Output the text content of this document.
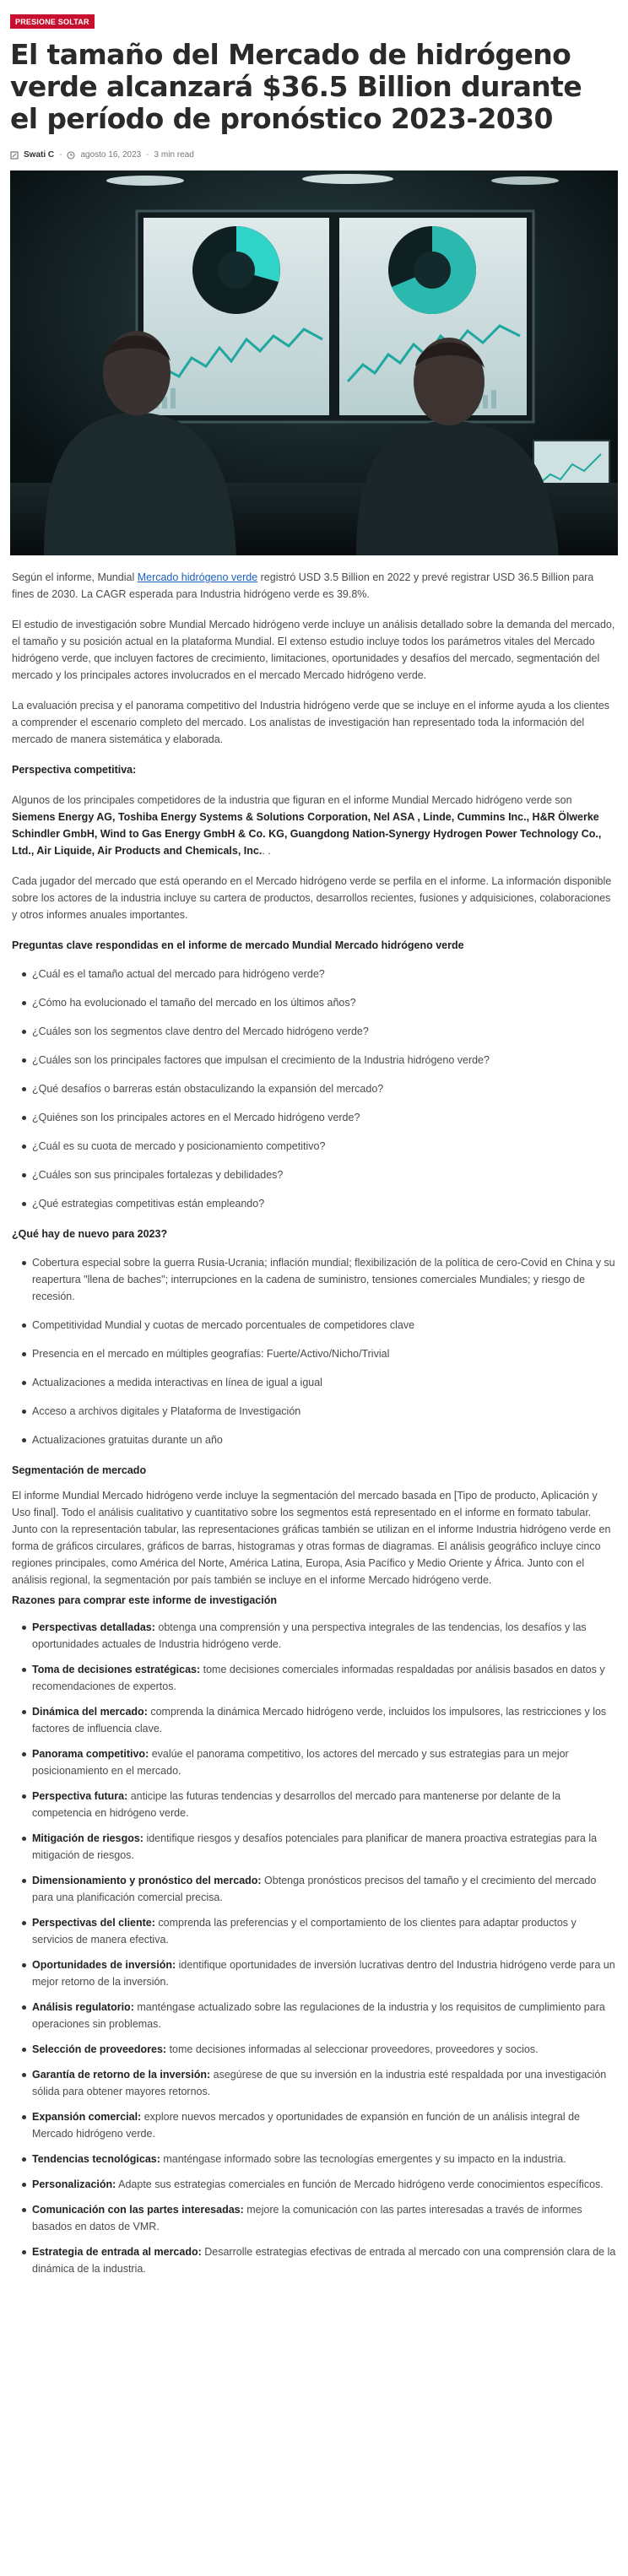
PRESIONE SOLTAR
El tamaño del Mercado de hidrógeno verde alcanzará $36.5 Billion durante el período de pronóstico 2023-2030
Swati C - agosto 16, 2023 - 3 min read

Según el informe, Mundial Mercado hidrógeno verde registró USD 3.5 Billion en 2022 y prevé registrar USD 36.5 Billion para fines de 2030. La CAGR esperada para Industria hidrógeno verde es 39.8%.

El estudio de investigación sobre Mundial Mercado hidrógeno verde incluye un análisis detallado sobre la demanda del mercado, el tamaño y su posición actual en la plataforma Mundial. El extenso estudio incluye todos los parámetros vitales del Mercado hidrógeno verde, que incluyen factores de crecimiento, limitaciones, oportunidades y desafíos del mercado, segmentación del mercado y los principales actores involucrados en el mercado Mercado hidrógeno verde.

La evaluación precisa y el panorama competitivo del Industria hidrógeno verde que se incluye en el informe ayuda a los clientes a comprender el escenario completo del mercado. Los analistas de investigación han representado toda la información del mercado de manera sistemática y elaborada.

Perspectiva competitiva:

Algunos de los principales competidores de la industria que figuran en el informe Mundial Mercado hidrógeno verde son Siemens Energy AG, Toshiba Energy Systems & Solutions Corporation, Nel ASA , Linde, Cummins Inc., H&R Ölwerke Schindler GmbH, Wind to Gas Energy GmbH & Co. KG, Guangdong Nation-Synergy Hydrogen Power Technology Co., Ltd., Air Liquide, Air Products and Chemicals, Inc.. .

Cada jugador del mercado que está operando en el Mercado hidrógeno verde se perfila en el informe. La información disponible sobre los actores de la industria incluye su cartera de productos, desarrollos recientes, fusiones y adquisiciones, colaboraciones y otros informes anuales importantes.

Preguntas clave respondidas en el informe de mercado Mundial Mercado hidrógeno verde
¿Cuál es el tamaño actual del mercado para hidrógeno verde?
¿Cómo ha evolucionado el tamaño del mercado en los últimos años?
¿Cuáles son los segmentos clave dentro del Mercado hidrógeno verde?
¿Cuáles son los principales factores que impulsan el crecimiento de la Industria hidrógeno verde?
¿Qué desafíos o barreras están obstaculizando la expansión del mercado?
¿Quiénes son los principales actores en el Mercado hidrógeno verde?
¿Cuál es su cuota de mercado y posicionamiento competitivo?
¿Cuáles son sus principales fortalezas y debilidades?
¿Qué estrategias competitivas están empleando?
¿Qué hay de nuevo para 2023?
Cobertura especial sobre la guerra Rusia-Ucrania; inflación mundial; flexibilización de la política de cero-Covid en China y su reapertura "llena de baches"; interrupciones en la cadena de suministro, tensiones comerciales Mundiales; y riesgo de recesión.
Competitividad Mundial y cuotas de mercado porcentuales de competidores clave
Presencia en el mercado en múltiples geografías: Fuerte/Activo/Nicho/Trivial
Actualizaciones a medida interactivas en línea de igual a igual
Acceso a archivos digitales y Plataforma de Investigación
Actualizaciones gratuitas durante un año
Segmentación de mercado

El informe Mundial Mercado hidrógeno verde incluye la segmentación del mercado basada en [Tipo de producto, Aplicación y Uso final]. Todo el análisis cualitativo y cuantitativo sobre los segmentos está representado en el informe en formato tabular. Junto con la representación tabular, las representaciones gráficas también se utilizan en el informe Industria hidrógeno verde en forma de gráficos circulares, gráficos de barras, histogramas y otras formas de diagramas. El análisis geográfico incluye cinco regiones principales, como América del Norte, América Latina, Europa, Asia Pacífico y Medio Oriente y África. Junto con el análisis regional, la segmentación por país también se incluye en el informe Mercado hidrógeno verde.

Razones para comprar este informe de investigación
Perspectivas detalladas: obtenga una comprensión y una perspectiva integrales de las tendencias, los desafíos y las oportunidades actuales de Industria hidrógeno verde.
Toma de decisiones estratégicas: tome decisiones comerciales informadas respaldadas por análisis basados en datos y recomendaciones de expertos.
Dinámica del mercado: comprenda la dinámica Mercado hidrógeno verde, incluidos los impulsores, las restricciones y los factores de influencia clave.
Panorama competitivo: evalúe el panorama competitivo, los actores del mercado y sus estrategias para un mejor posicionamiento en el mercado.
Perspectiva futura: anticipe las futuras tendencias y desarrollos del mercado para mantenerse por delante de la competencia en hidrógeno verde.
Mitigación de riesgos: identifique riesgos y desafíos potenciales para planificar de manera proactiva estrategias para la mitigación de riesgos.
Dimensionamiento y pronóstico del mercado: Obtenga pronósticos precisos del tamaño y el crecimiento del mercado para una planificación comercial precisa.
Perspectivas del cliente: comprenda las preferencias y el comportamiento de los clientes para adaptar productos y servicios de manera efectiva.
Oportunidades de inversión: identifique oportunidades de inversión lucrativas dentro del Industria hidrógeno verde para un mejor retorno de la inversión.
Análisis regulatorio: manténgase actualizado sobre las regulaciones de la industria y los requisitos de cumplimiento para operaciones sin problemas.
Selección de proveedores: tome decisiones informadas al seleccionar proveedores, proveedores y socios.
Garantía de retorno de la inversión: asegúrese de que su inversión en la industria esté respaldada por una investigación sólida para obtener mayores retornos.
Expansión comercial: explore nuevos mercados y oportunidades de expansión en función de un análisis integral de Mercado hidrógeno verde.
Tendencias tecnológicas: manténgase informado sobre las tecnologías emergentes y su impacto en la industria.
Personalización: Adapte sus estrategias comerciales en función de Mercado hidrógeno verde conocimientos específicos.
Comunicación con las partes interesadas: mejore la comunicación con las partes interesadas a través de informes basados en datos de VMR.
Estrategia de entrada al mercado: Desarrolle estrategias efectivas de entrada al mercado con una comprensión clara de la dinámica de la industria.
